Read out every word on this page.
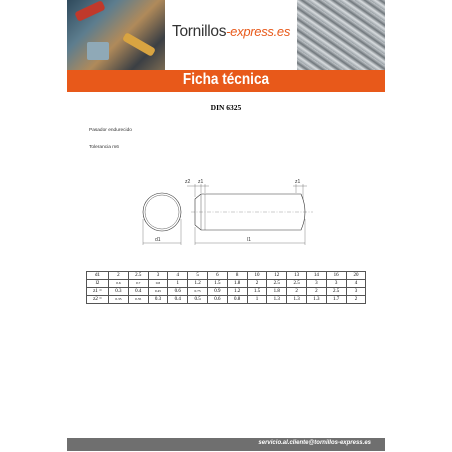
Tornillos-express.es
Ficha técnica
DIN 6325
Pasador endurecido
Tolerancia m6
d1	l1
z2 z1	z1
d1	2	2.5	3	4	5	6	8	10	12	13	14	16	20
l2	0.6	0.7	0.8	1	1.2	1.5	1.8	2	2.5	2.5	3	3	4
z1 =	0.3	0.4	0.45	0.6	0.75	0.9	1.2	1.5	1.8	2	2	2.5	3
z2 =	0.35	0.35	0.3	0.4	0.5	0.6	0.8	1	1.3	1.3	1.3	1.7	2
servicio.al.cliente@tornillos-express.es
